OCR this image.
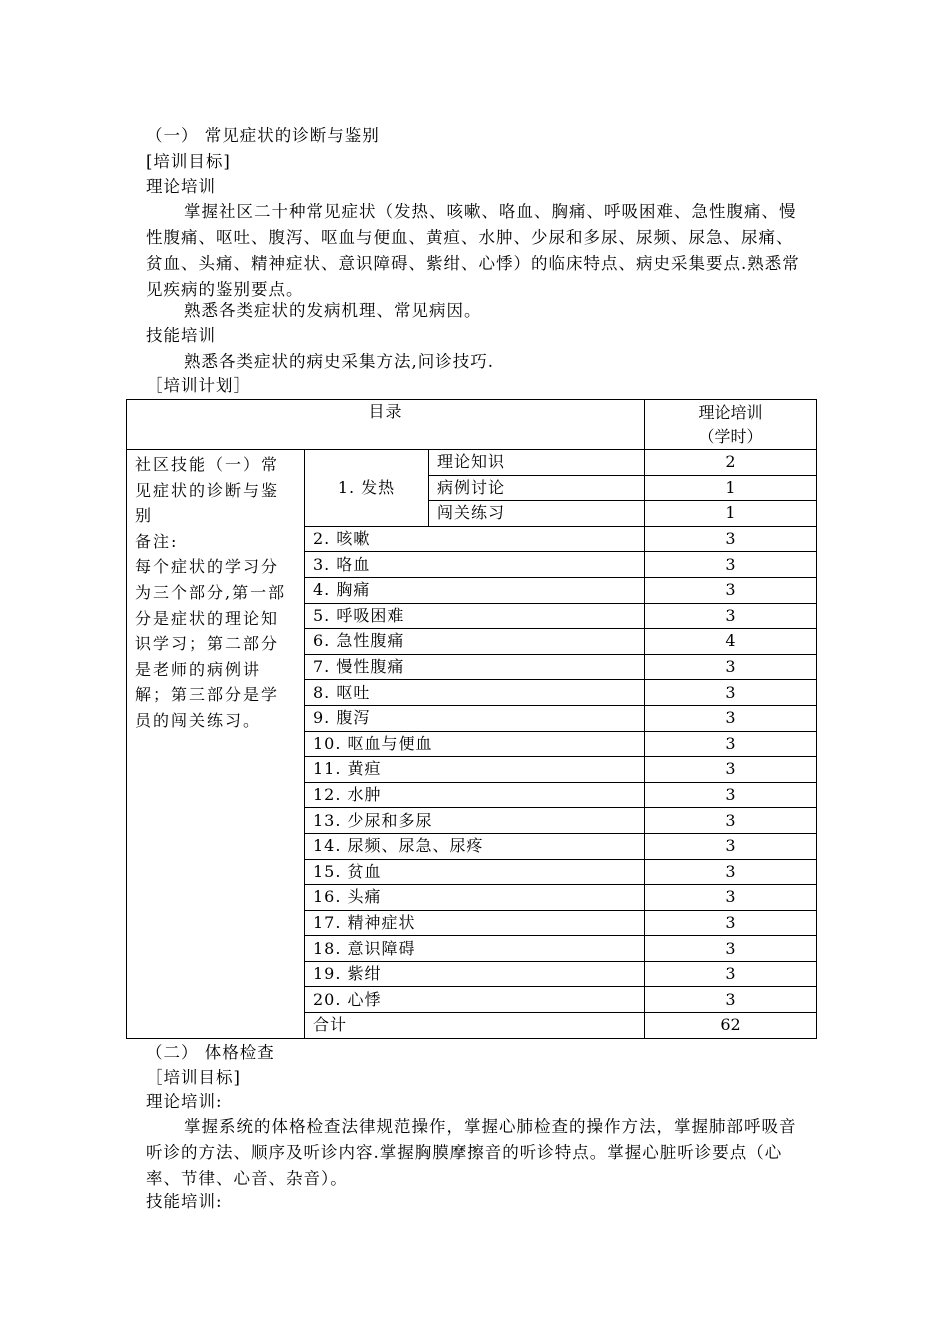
（一） 常见症状的诊断与鉴别
[培训目标]
理论培训
掌握社区二十种常见症状（发热、咳嗽、咯血、胸痛、呼吸困难、急性腹痛、慢性腹痛、呕吐、腹泻、呕血与便血、黄疸、水肿、少尿和多尿、尿频、尿急、尿痛、贫血、头痛、精神症状、意识障碍、紫绀、心悸）的临床特点、病史采集要点.熟悉常见疾病的鉴别要点。
熟悉各类症状的发病机理、常见病因。
技能培训
熟悉各类症状的病史采集方法,问诊技巧.
［培训计划］
目录			理论培训
（学时）

社区技能（一）常见症状的诊断与鉴别
备注:
每个症状的学习分为三个部分,第一部分是症状的理论知识学习；第二部分是老师的病例讲解；第三部分是学员的闯关练习。	1. 发热	理论知识	2
		病例讨论	1
		闯关练习	1
	2. 咳嗽		3
	3. 咯血		3
	4. 胸痛		3
	5. 呼吸困难		3
	6. 急性腹痛		4
	7. 慢性腹痛		3
	8. 呕吐		3
	9. 腹泻		3
	10. 呕血与便血		3
	11. 黄疸		3
	12. 水肿		3
	13. 少尿和多尿		3
	14. 尿频、尿急、尿疼		3
	15. 贫血		3
	16. 头痛		3
	17. 精神症状		3
	18. 意识障碍		3
	19. 紫绀		3
	20. 心悸		3
	合计		62
（二） 体格检查
［培训目标]
理论培训:
掌握系统的体格检查法律规范操作，掌握心肺检查的操作方法，掌握肺部呼吸音听诊的方法、顺序及听诊内容.掌握胸膜摩擦音的听诊特点。掌握心脏听诊要点（心率、节律、心音、杂音）。
技能培训:
